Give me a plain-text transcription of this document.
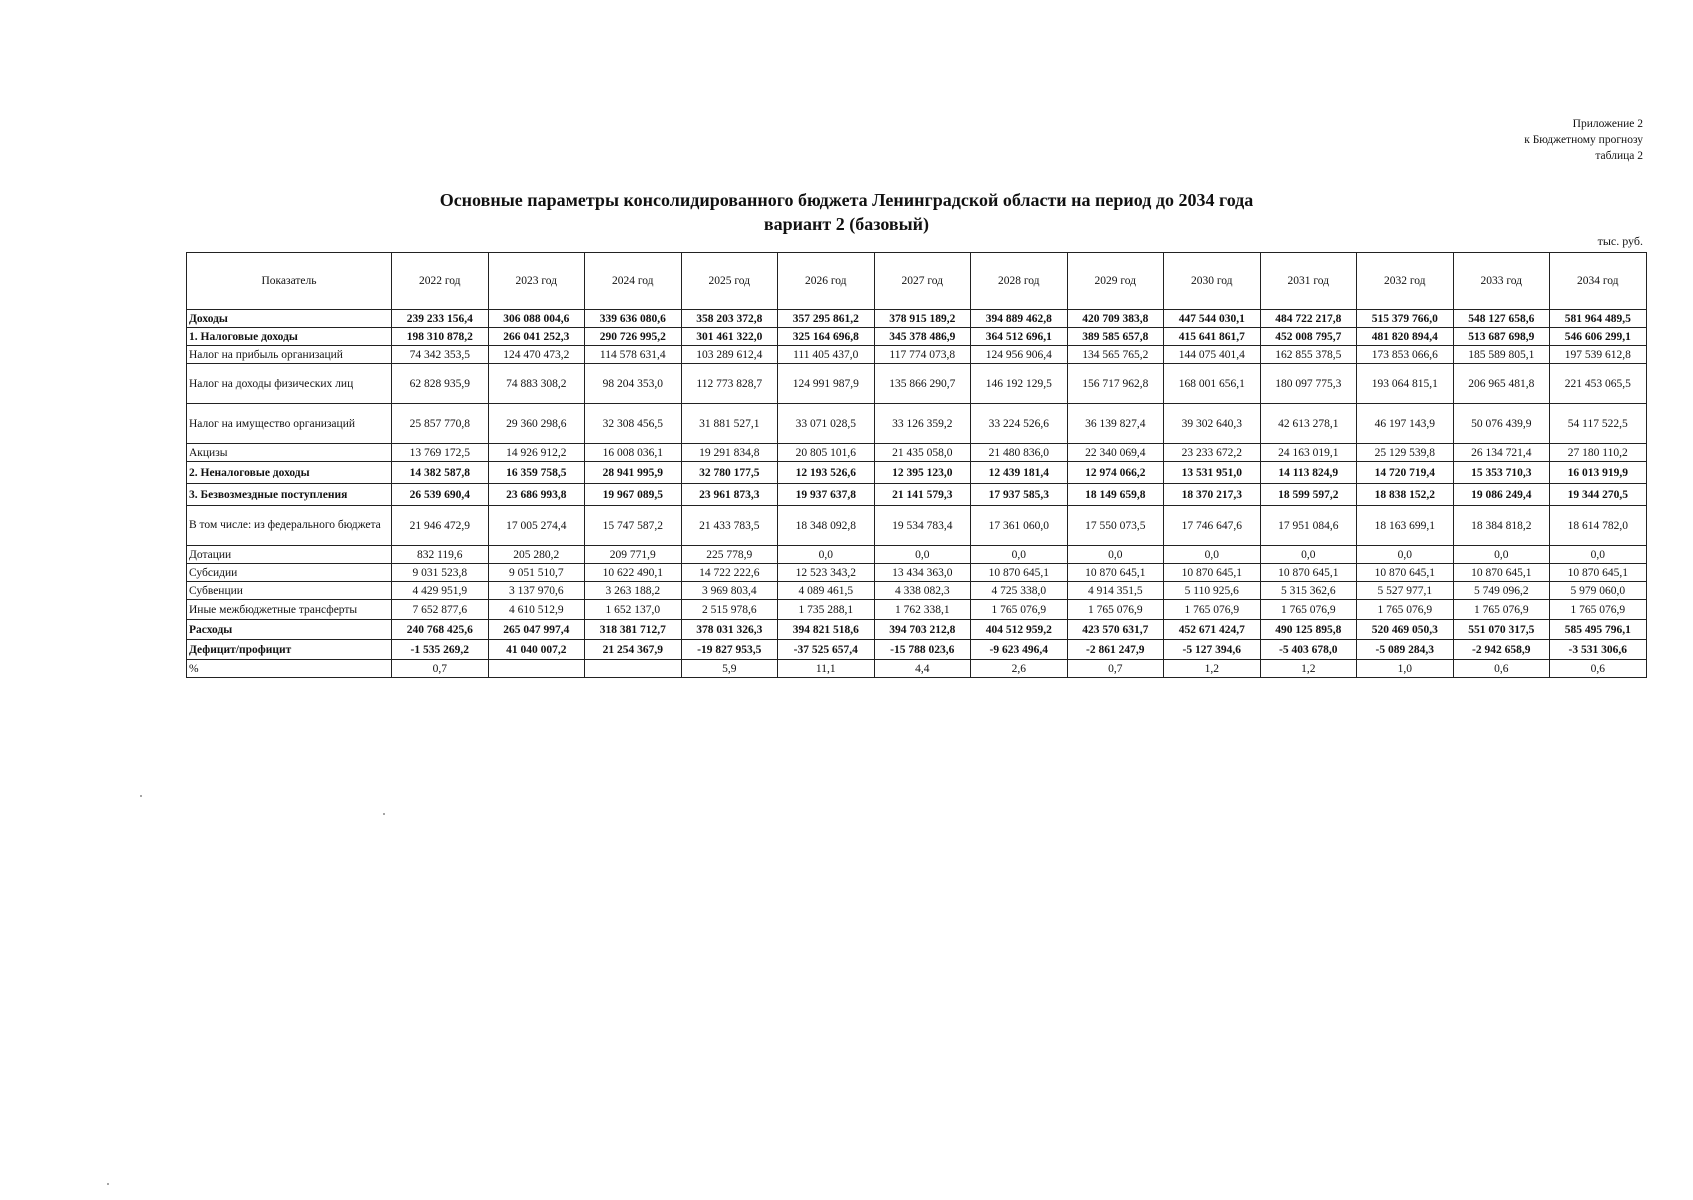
Приложение 2
к Бюджетному прогнозу
таблица 2
Основные параметры консолидированного бюджета Ленинградской области на период до 2034 года
вариант 2 (базовый)
тыс. руб.
Показатель	2022 год	2023 год	2024 год	2025 год	2026 год	2027 год	2028 год	2029 год	2030 год	2031 год	2032 год	2033 год	2034 год
Доходы	239 233 156,4	306 088 004,6	339 636 080,6	358 203 372,8	357 295 861,2	378 915 189,2	394 889 462,8	420 709 383,8	447 544 030,1	484 722 217,8	515 379 766,0	548 127 658,6	581 964 489,5
1. Налоговые доходы	198 310 878,2	266 041 252,3	290 726 995,2	301 461 322,0	325 164 696,8	345 378 486,9	364 512 696,1	389 585 657,8	415 641 861,7	452 008 795,7	481 820 894,4	513 687 698,9	546 606 299,1
Налог на прибыль организаций	74 342 353,5	124 470 473,2	114 578 631,4	103 289 612,4	111 405 437,0	117 774 073,8	124 956 906,4	134 565 765,2	144 075 401,4	162 855 378,5	173 853 066,6	185 589 805,1	197 539 612,8
Налог на доходы физических лиц	62 828 935,9	74 883 308,2	98 204 353,0	112 773 828,7	124 991 987,9	135 866 290,7	146 192 129,5	156 717 962,8	168 001 656,1	180 097 775,3	193 064 815,1	206 965 481,8	221 453 065,5
Налог на имущество организаций	25 857 770,8	29 360 298,6	32 308 456,5	31 881 527,1	33 071 028,5	33 126 359,2	33 224 526,6	36 139 827,4	39 302 640,3	42 613 278,1	46 197 143,9	50 076 439,9	54 117 522,5
Акцизы	13 769 172,5	14 926 912,2	16 008 036,1	19 291 834,8	20 805 101,6	21 435 058,0	21 480 836,0	22 340 069,4	23 233 672,2	24 163 019,1	25 129 539,8	26 134 721,4	27 180 110,2
2. Неналоговые доходы	14 382 587,8	16 359 758,5	28 941 995,9	32 780 177,5	12 193 526,6	12 395 123,0	12 439 181,4	12 974 066,2	13 531 951,0	14 113 824,9	14 720 719,4	15 353 710,3	16 013 919,9
3. Безвозмездные поступления	26 539 690,4	23 686 993,8	19 967 089,5	23 961 873,3	19 937 637,8	21 141 579,3	17 937 585,3	18 149 659,8	18 370 217,3	18 599 597,2	18 838 152,2	19 086 249,4	19 344 270,5
В том числе: из федерального бюджета	21 946 472,9	17 005 274,4	15 747 587,2	21 433 783,5	18 348 092,8	19 534 783,4	17 361 060,0	17 550 073,5	17 746 647,6	17 951 084,6	18 163 699,1	18 384 818,2	18 614 782,0
Дотации	832 119,6	205 280,2	209 771,9	225 778,9	0,0	0,0	0,0	0,0	0,0	0,0	0,0	0,0	0,0
Субсидии	9 031 523,8	9 051 510,7	10 622 490,1	14 722 222,6	12 523 343,2	13 434 363,0	10 870 645,1	10 870 645,1	10 870 645,1	10 870 645,1	10 870 645,1	10 870 645,1	10 870 645,1
Субвенции	4 429 951,9	3 137 970,6	3 263 188,2	3 969 803,4	4 089 461,5	4 338 082,3	4 725 338,0	4 914 351,5	5 110 925,6	5 315 362,6	5 527 977,1	5 749 096,2	5 979 060,0
Иные межбюджетные трансферты	7 652 877,6	4 610 512,9	1 652 137,0	2 515 978,6	1 735 288,1	1 762 338,1	1 765 076,9	1 765 076,9	1 765 076,9	1 765 076,9	1 765 076,9	1 765 076,9	1 765 076,9
Расходы	240 768 425,6	265 047 997,4	318 381 712,7	378 031 326,3	394 821 518,6	394 703 212,8	404 512 959,2	423 570 631,7	452 671 424,7	490 125 895,8	520 469 050,3	551 070 317,5	585 495 796,1
Дефицит/профицит	-1 535 269,2	41 040 007,2	21 254 367,9	-19 827 953,5	-37 525 657,4	-15 788 023,6	-9 623 496,4	-2 861 247,9	-5 127 394,6	-5 403 678,0	-5 089 284,3	-2 942 658,9	-3 531 306,6
%	0,7			5,9	11,1	4,4	2,6	0,7	1,2	1,2	1,0	0,6	0,6
